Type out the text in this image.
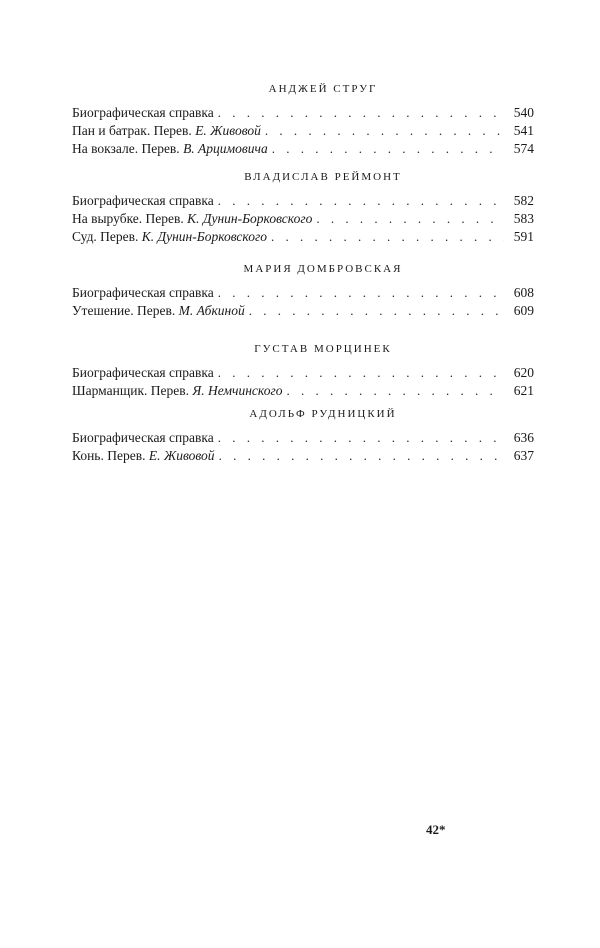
АНДЖЕЙ СТРУГ
Биографическая справка . . .	540
Пан и батрак. Перев. Е. Живовой . . .	541
На вокзале. Перев. В. Арцимовича . . .	574
ВЛАДИСЛАВ РЕЙМОНТ
Биографическая справка . . .	582
На вырубке. Перев. К. Дунин-Борковского . . .	583
Суд. Перев. К. Дунин-Борковского . . .	591
МАРИЯ ДОМБРОВСКАЯ
Биографическая справка . . .	608
Утешение. Перев. М. Абкиной . . .	609
ГУСТАВ МОРЦИНЕК
Биографическая справка . . .	620
Шарманщик. Перев. Я. Немчинского . . .	621
АДОЛЬФ РУДНИЦКИЙ
Биографическая справка . . .	636
Конь. Перев. Е. Живовой . . .	637
42*
